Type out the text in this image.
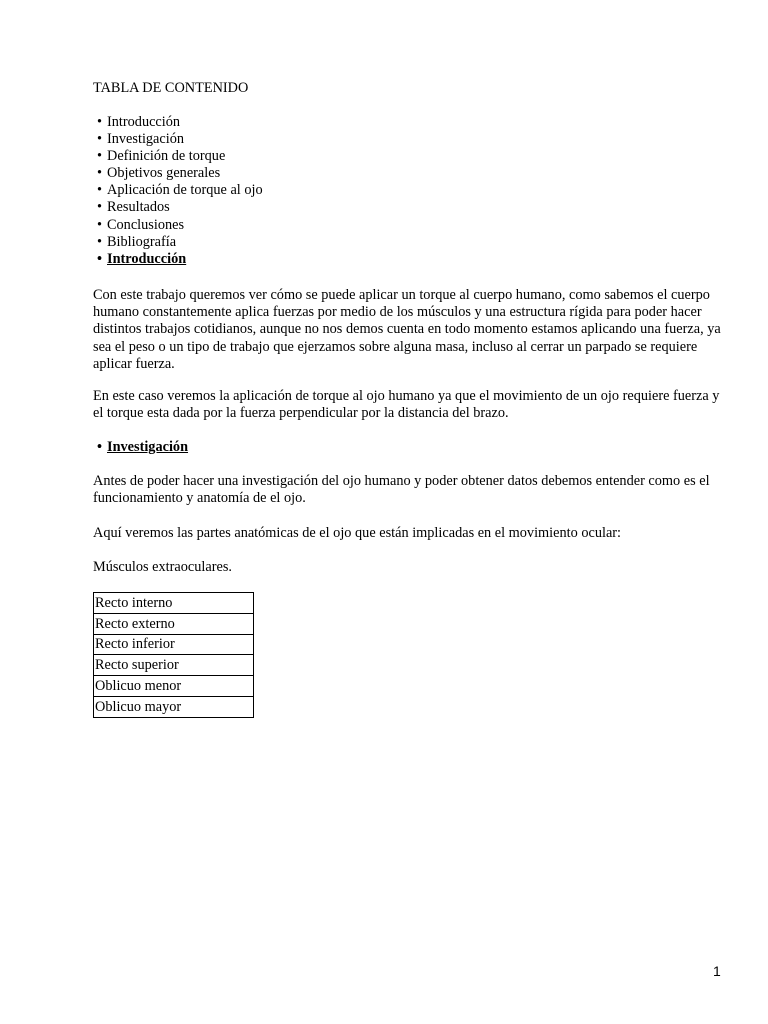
TABLA DE CONTENIDO

• Introducción
• Investigación
• Definición de torque
• Objetivos generales
• Aplicación de torque al ojo
• Resultados
• Conclusiones
• Bibliografía
• Introducción

Con este trabajo queremos ver cómo se puede aplicar un torque al cuerpo humano, como sabemos el cuerpo humano constantemente aplica fuerzas por medio de los músculos y una estructura rígida para poder hacer distintos trabajos cotidianos, aunque no nos demos cuenta en todo momento estamos aplicando una fuerza, ya sea el peso o un tipo de trabajo que ejerzamos sobre alguna masa, incluso al cerrar un parpado se requiere aplicar fuerza.

En este caso veremos la aplicación de torque al ojo humano ya que el movimiento de un ojo requiere fuerza y el torque esta dada por la fuerza perpendicular por la distancia del brazo.

• Investigación

Antes de poder hacer una investigación del ojo humano y poder obtener datos debemos entender como es el funcionamiento y anatomía de el ojo.

Aquí veremos las partes anatómicas de el ojo que están implicadas en el movimiento ocular:

Músculos extraoculares.

Recto interno
Recto externo
Recto inferior
Recto superior
Oblicuo menor
Oblicuo mayor
1
